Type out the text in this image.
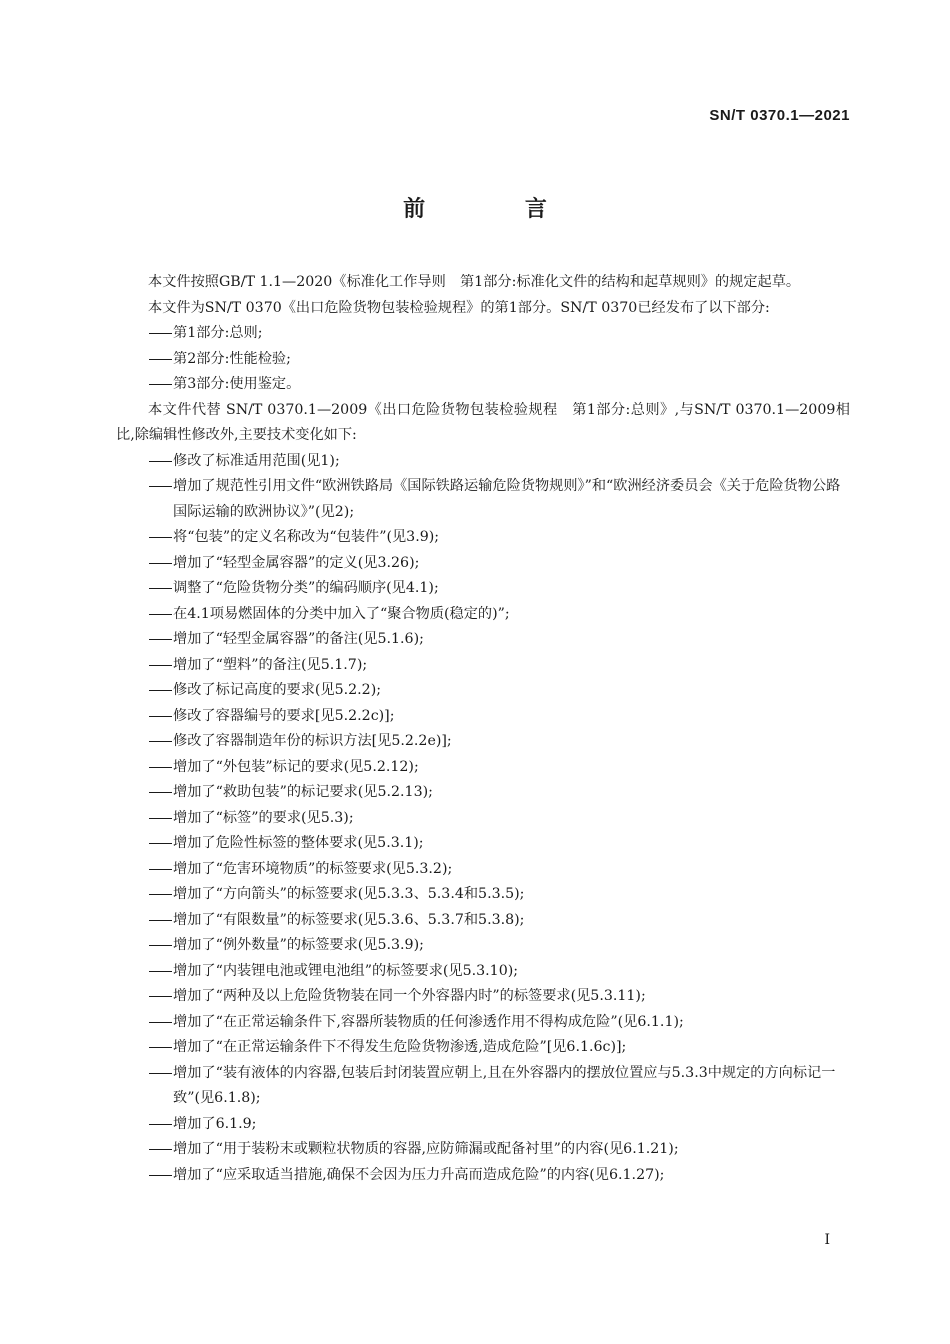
SN/T 0370.1—2021
前 言

本文件按照GB/T 1.1—2020《标准化工作导则　第1部分:标准化文件的结构和起草规则》的规定起草。

本文件为SN/T 0370《出口危险货物包装检验规程》的第1部分。SN/T 0370已经发布了以下部分:

第1部分:总则;
第2部分:性能检验;
第3部分:使用鉴定。

本文件代替 SN/T 0370.1—2009《出口危险货物包装检验规程　第1部分:总则》,与SN/T 0370.1—2009相比,除编辑性修改外,主要技术变化如下:

修改了标准适用范围(见1);
增加了规范性引用文件“欧洲铁路局《国际铁路运输危险货物规则》”和“欧洲经济委员会《关于危险货物公路国际运输的欧洲协议》”(见2);
将“包装”的定义名称改为“包装件”(见3.9);
增加了“轻型金属容器”的定义(见3.26);
调整了“危险货物分类”的编码顺序(见4.1);
在4.1项易燃固体的分类中加入了“聚合物质(稳定的)”;
增加了“轻型金属容器”的备注(见5.1.6);
增加了“塑料”的备注(见5.1.7);
修改了标记高度的要求(见5.2.2);
修改了容器编号的要求[见5.2.2c)];
修改了容器制造年份的标识方法[见5.2.2e)];
增加了“外包装”标记的要求(见5.2.12);
增加了“救助包装”的标记要求(见5.2.13);
增加了“标签”的要求(见5.3);
增加了危险性标签的整体要求(见5.3.1);
增加了“危害环境物质”的标签要求(见5.3.2);
增加了“方向箭头”的标签要求(见5.3.3、5.3.4和5.3.5);
增加了“有限数量”的标签要求(见5.3.6、5.3.7和5.3.8);
增加了“例外数量”的标签要求(见5.3.9);
增加了“内装锂电池或锂电池组”的标签要求(见5.3.10);
增加了“两种及以上危险货物装在同一个外容器内时”的标签要求(见5.3.11);
增加了“在正常运输条件下,容器所装物质的任何渗透作用不得构成危险”(见6.1.1);
增加了“在正常运输条件下不得发生危险货物渗透,造成危险”[见6.1.6c)];
增加了“装有液体的内容器,包装后封闭装置应朝上,且在外容器内的摆放位置应与5.3.3中规定的方向标记一致”(见6.1.8);
增加了6.1.9;
增加了“用于装粉末或颗粒状物质的容器,应防筛漏或配备衬里”的内容(见6.1.21);
增加了“应采取适当措施,确保不会因为压力升高而造成危险”的内容(见6.1.27);
I
